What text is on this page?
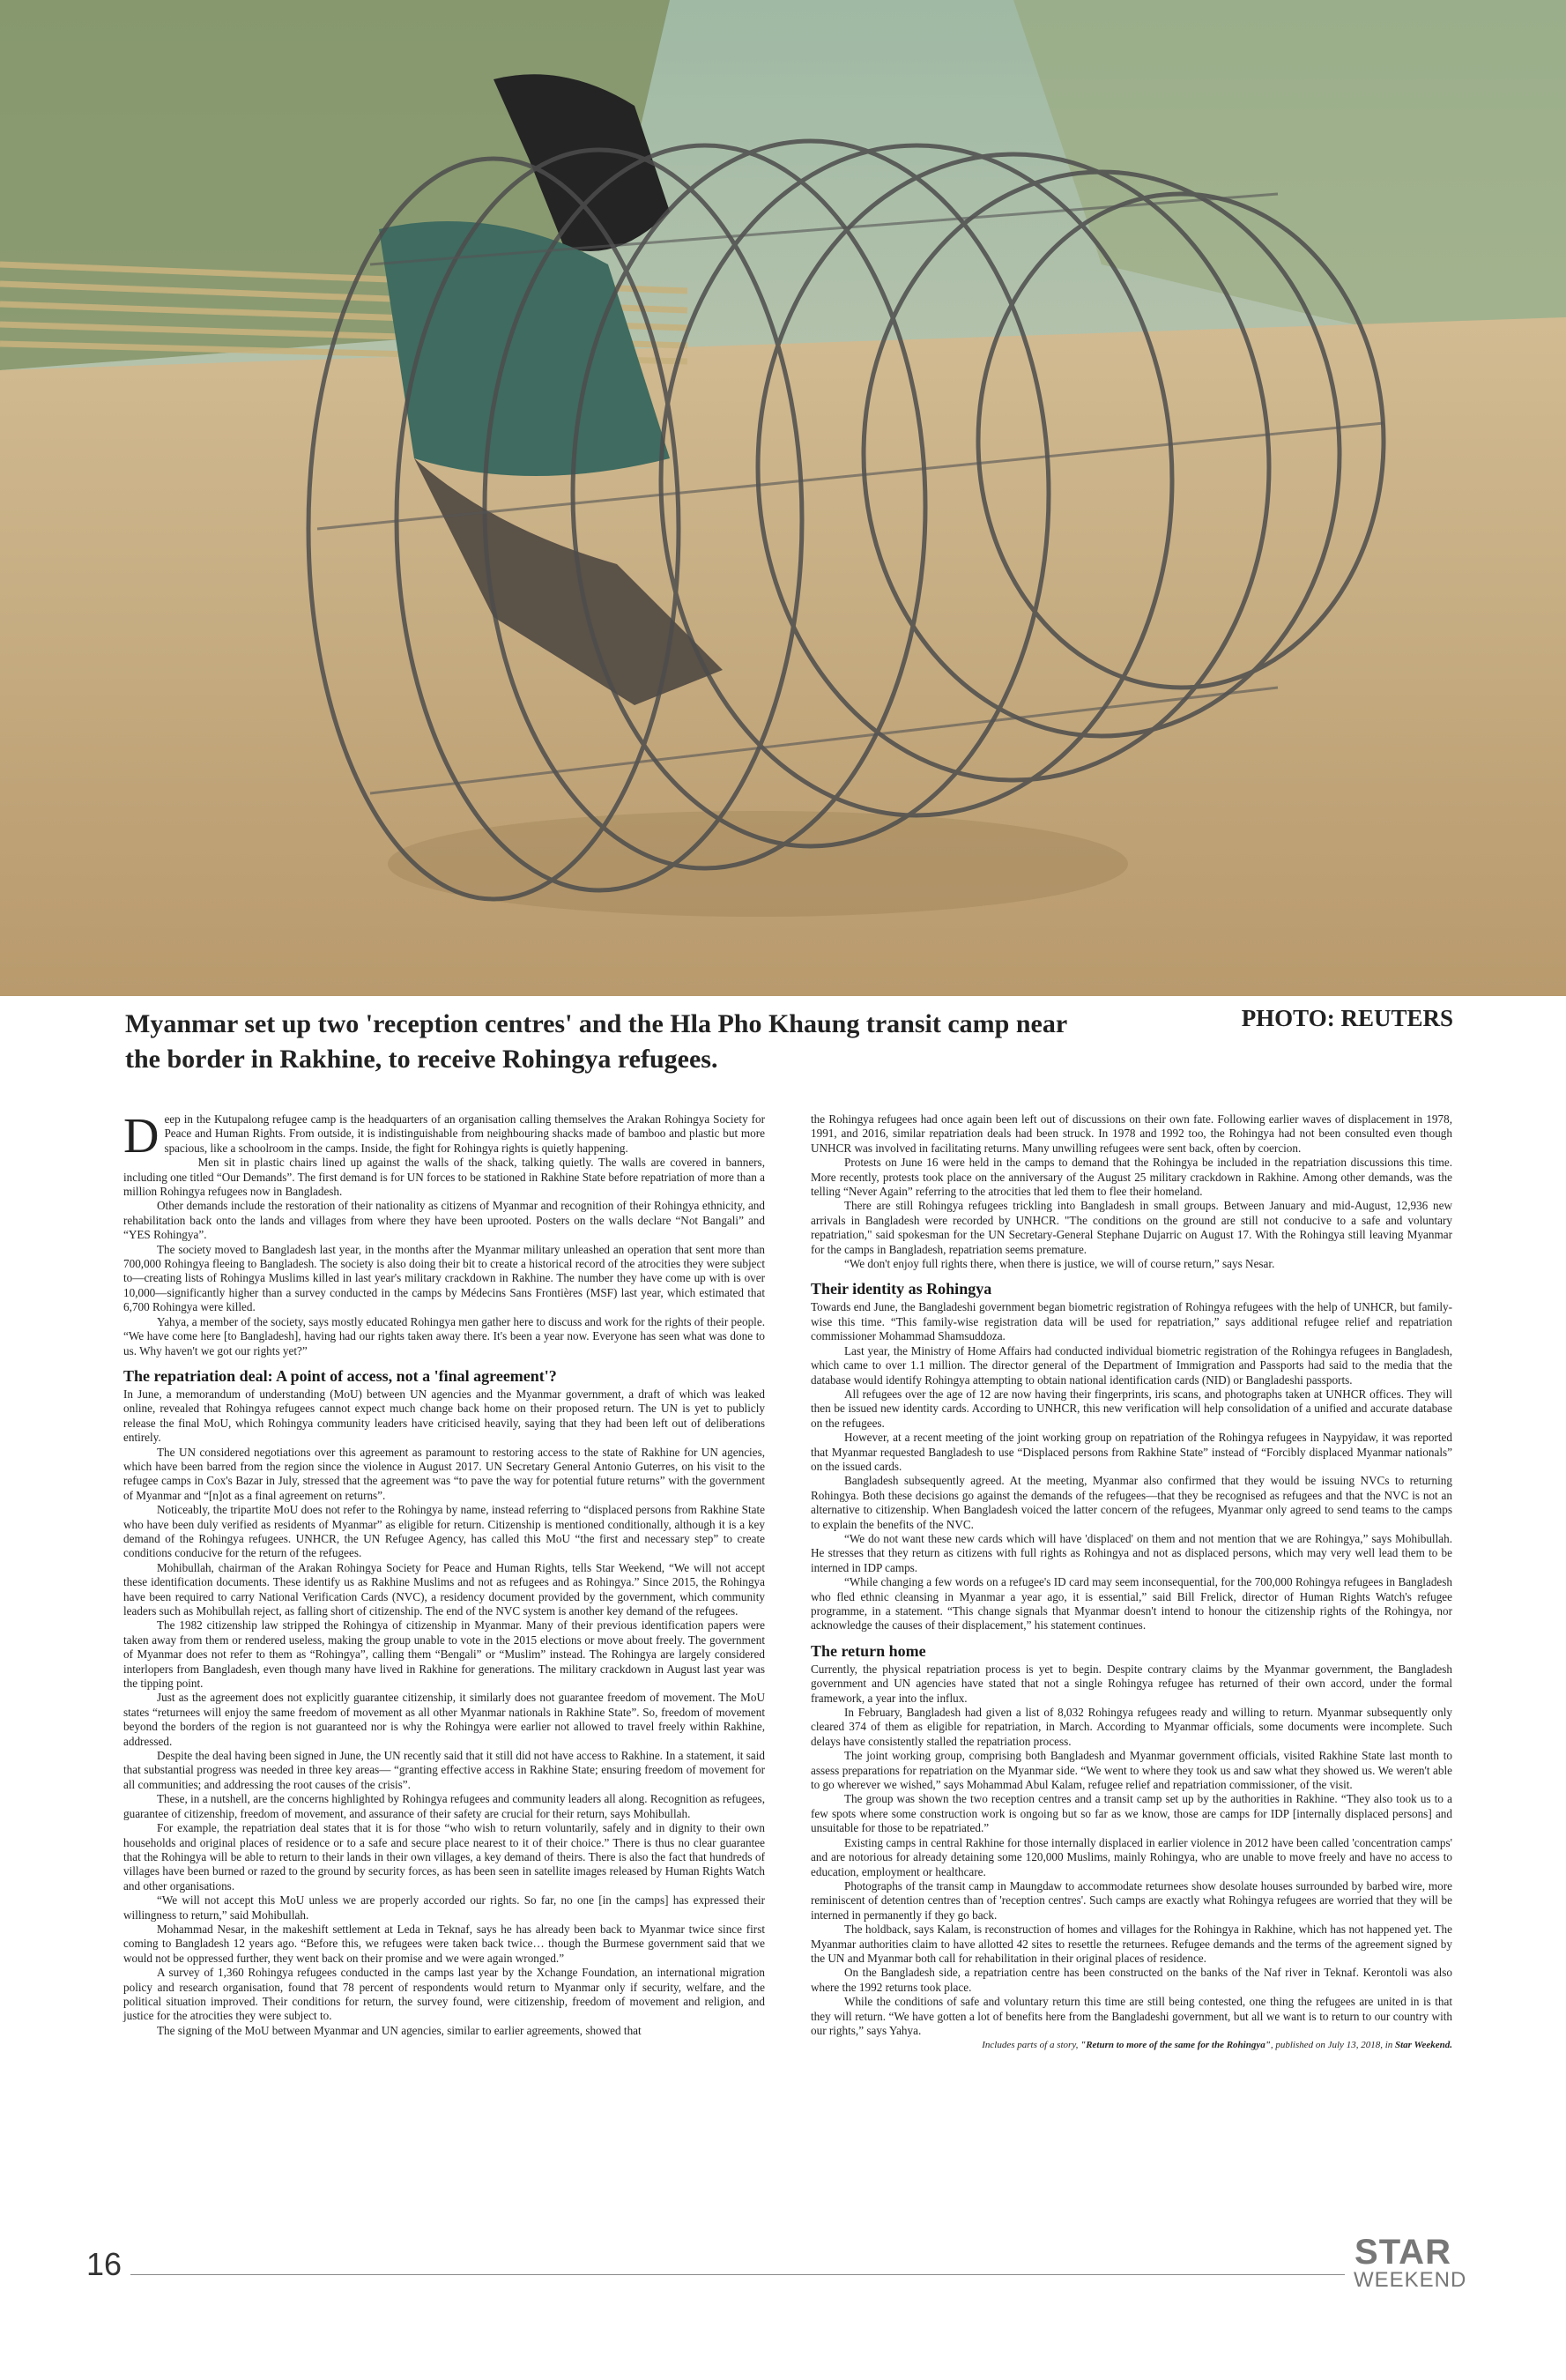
Myanmar set up two 'reception centres' and the Hla Pho Khaung transit camp near the border in Rakhine, to receive Rohingya refugees.
PHOTO: REUTERS
D eep in the Kutupalong refugee camp is the headquarters of an organisation calling themselves the Arakan Rohingya Society for Peace and Human Rights. From outside, it is indistinguishable from neighbouring shacks made of bamboo and plastic but more spacious, like a schoolroom in the camps. Inside, the fight for Rohingya rights is quietly happening.

Men sit in plastic chairs lined up against the walls of the shack, talking quietly. The walls are covered in banners, including one titled “Our Demands”. The first demand is for UN forces to be stationed in Rakhine State before repatriation of more than a million Rohingya refugees now in Bangladesh.

Other demands include the restoration of their nationality as citizens of Myanmar and recognition of their Rohingya ethnicity, and rehabilitation back onto the lands and villages from where they have been uprooted. Posters on the walls declare “Not Bangali” and “YES Rohingya”.

The society moved to Bangladesh last year, in the months after the Myanmar military unleashed an operation that sent more than 700,000 Rohingya fleeing to Bangladesh. The society is also doing their bit to create a historical record of the atrocities they were subject to—creating lists of Rohingya Muslims killed in last year's military crackdown in Rakhine. The number they have come up with is over 10,000—significantly higher than a survey conducted in the camps by Médecins Sans Frontières (MSF) last year, which estimated that 6,700 Rohingya were killed.

Yahya, a member of the society, says mostly educated Rohingya men gather here to discuss and work for the rights of their people. “We have come here [to Bangladesh], having had our rights taken away there. It's been a year now. Everyone has seen what was done to us. Why haven't we got our rights yet?”

The repatriation deal: A point of access, not a 'final agreement'?

In June, a memorandum of understanding (MoU) between UN agencies and the Myanmar government, a draft of which was leaked online, revealed that Rohingya refugees cannot expect much change back home on their proposed return. The UN is yet to publicly release the final MoU, which Rohingya community leaders have criticised heavily, saying that they had been left out of deliberations entirely.

The UN considered negotiations over this agreement as paramount to restoring access to the state of Rakhine for UN agencies, which have been barred from the region since the violence in August 2017. UN Secretary General Antonio Guterres, on his visit to the refugee camps in Cox's Bazar in July, stressed that the agreement was “to pave the way for potential future returns” with the government of Myanmar and “[n]ot as a final agreement on returns”.

Noticeably, the tripartite MoU does not refer to the Rohingya by name, instead referring to “displaced persons from Rakhine State who have been duly verified as residents of Myanmar” as eligible for return. Citizenship is mentioned conditionally, although it is a key demand of the Rohingya refugees. UNHCR, the UN Refugee Agency, has called this MoU “the first and necessary step” to create conditions conducive for the return of the refugees.

Mohibullah, chairman of the Arakan Rohingya Society for Peace and Human Rights, tells Star Weekend, “We will not accept these identification documents. These identify us as Rakhine Muslims and not as refugees and as Rohingya.” Since 2015, the Rohingya have been required to carry National Verification Cards (NVC), a residency document provided by the government, which community leaders such as Mohibullah reject, as falling short of citizenship. The end of the NVC system is another key demand of the refugees.

The 1982 citizenship law stripped the Rohingya of citizenship in Myanmar. Many of their previous identification papers were taken away from them or rendered useless, making the group unable to vote in the 2015 elections or move about freely. The government of Myanmar does not refer to them as “Rohingya”, calling them “Bengali” or “Muslim” instead. The Rohingya are largely considered interlopers from Bangladesh, even though many have lived in Rakhine for generations. The military crackdown in August last year was the tipping point.

Just as the agreement does not explicitly guarantee citizenship, it similarly does not guarantee freedom of movement. The MoU states “returnees will enjoy the same freedom of movement as all other Myanmar nationals in Rakhine State”. So, freedom of movement beyond the borders of the region is not guaranteed nor is why the Rohingya were earlier not allowed to travel freely within Rakhine, addressed.

Despite the deal having been signed in June, the UN recently said that it still did not have access to Rakhine. In a statement, it said that substantial progress was needed in three key areas— “granting effective access in Rakhine State; ensuring freedom of movement for all communities; and addressing the root causes of the crisis”.

These, in a nutshell, are the concerns highlighted by Rohingya refugees and community leaders all along. Recognition as refugees, guarantee of citizenship, freedom of movement, and assurance of their safety are crucial for their return, says Mohibullah.

For example, the repatriation deal states that it is for those “who wish to return voluntarily, safely and in dignity to their own households and original places of residence or to a safe and secure place nearest to it of their choice.” There is thus no clear guarantee that the Rohingya will be able to return to their lands in their own villages, a key demand of theirs. There is also the fact that hundreds of villages have been burned or razed to the ground by security forces, as has been seen in satellite images released by Human Rights Watch and other organisations.

“We will not accept this MoU unless we are properly accorded our rights. So far, no one [in the camps] has expressed their willingness to return,” said Mohibullah.

Mohammad Nesar, in the makeshift settlement at Leda in Teknaf, says he has already been back to Myanmar twice since first coming to Bangladesh 12 years ago. “Before this, we refugees were taken back twice… though the Burmese government said that we would not be oppressed further, they went back on their promise and we were again wronged.”

A survey of 1,360 Rohingya refugees conducted in the camps last year by the Xchange Foundation, an international migration policy and research organisation, found that 78 percent of respondents would return to Myanmar only if security, welfare, and the political situation improved. Their conditions for return, the survey found, were citizenship, freedom of movement and religion, and justice for the atrocities they were subject to.

The signing of the MoU between Myanmar and UN agencies, similar to earlier agreements, showed that

the Rohingya refugees had once again been left out of discussions on their own fate. Following earlier waves of displacement in 1978, 1991, and 2016, similar repatriation deals had been struck. In 1978 and 1992 too, the Rohingya had not been consulted even though UNHCR was involved in facilitating returns. Many unwilling refugees were sent back, often by coercion.

Protests on June 16 were held in the camps to demand that the Rohingya be included in the repatriation discussions this time. More recently, protests took place on the anniversary of the August 25 military crackdown in Rakhine. Among other demands, was the telling “Never Again” referring to the atrocities that led them to flee their homeland.

There are still Rohingya refugees trickling into Bangladesh in small groups. Between January and mid-August, 12,936 new arrivals in Bangladesh were recorded by UNHCR. "The conditions on the ground are still not conducive to a safe and voluntary repatriation," said spokesman for the UN Secretary-General Stephane Dujarric on August 17. With the Rohingya still leaving Myanmar for the camps in Bangladesh, repatriation seems premature.

“We don't enjoy full rights there, when there is justice, we will of course return,” says Nesar.

Their identity as Rohingya

Towards end June, the Bangladeshi government began biometric registration of Rohingya refugees with the help of UNHCR, but family-wise this time. “This family-wise registration data will be used for repatriation,” says additional refugee relief and repatriation commissioner Mohammad Shamsuddoza.

Last year, the Ministry of Home Affairs had conducted individual biometric registration of the Rohingya refugees in Bangladesh, which came to over 1.1 million. The director general of the Department of Immigration and Passports had said to the media that the database would identify Rohingya attempting to obtain national identification cards (NID) or Bangladeshi passports.

All refugees over the age of 12 are now having their fingerprints, iris scans, and photographs taken at UNHCR offices. They will then be issued new identity cards. According to UNHCR, this new verification will help consolidation of a unified and accurate database on the refugees.

However, at a recent meeting of the joint working group on repatriation of the Rohingya refugees in Naypyidaw, it was reported that Myanmar requested Bangladesh to use “Displaced persons from Rakhine State” instead of “Forcibly displaced Myanmar nationals” on the issued cards.

Bangladesh subsequently agreed. At the meeting, Myanmar also confirmed that they would be issuing NVCs to returning Rohingya. Both these decisions go against the demands of the refugees—that they be recognised as refugees and that the NVC is not an alternative to citizenship. When Bangladesh voiced the latter concern of the refugees, Myanmar only agreed to send teams to the camps to explain the benefits of the NVC.

“We do not want these new cards which will have 'displaced' on them and not mention that we are Rohingya,” says Mohibullah. He stresses that they return as citizens with full rights as Rohingya and not as displaced persons, which may very well lead them to be interned in IDP camps.

“While changing a few words on a refugee's ID card may seem inconsequential, for the 700,000 Rohingya refugees in Bangladesh who fled ethnic cleansing in Myanmar a year ago, it is essential,” said Bill Frelick, director of Human Rights Watch's refugee programme, in a statement. “This change signals that Myanmar doesn't intend to honour the citizenship rights of the Rohingya, nor acknowledge the causes of their displacement,” his statement continues.

The return home

Currently, the physical repatriation process is yet to begin. Despite contrary claims by the Myanmar government, the Bangladesh government and UN agencies have stated that not a single Rohingya refugee has returned of their own accord, under the formal framework, a year into the influx.

In February, Bangladesh had given a list of 8,032 Rohingya refugees ready and willing to return. Myanmar subsequently only cleared 374 of them as eligible for repatriation, in March. According to Myanmar officials, some documents were incomplete. Such delays have consistently stalled the repatriation process.

The joint working group, comprising both Bangladesh and Myanmar government officials, visited Rakhine State last month to assess preparations for repatriation on the Myanmar side. “We went to where they took us and saw what they showed us. We weren't able to go wherever we wished,” says Mohammad Abul Kalam, refugee relief and repatriation commissioner, of the visit.

The group was shown the two reception centres and a transit camp set up by the authorities in Rakhine. “They also took us to a few spots where some construction work is ongoing but so far as we know, those are camps for IDP [internally displaced persons] and unsuitable for those to be repatriated.”

Existing camps in central Rakhine for those internally displaced in earlier violence in 2012 have been called 'concentration camps' and are notorious for already detaining some 120,000 Muslims, mainly Rohingya, who are unable to move freely and have no access to education, employment or healthcare.

Photographs of the transit camp in Maungdaw to accommodate returnees show desolate houses surrounded by barbed wire, more reminiscent of detention centres than of 'reception centres'. Such camps are exactly what Rohingya refugees are worried that they will be interned in permanently if they go back.

The holdback, says Kalam, is reconstruction of homes and villages for the Rohingya in Rakhine, which has not happened yet. The Myanmar authorities claim to have allotted 42 sites to resettle the returnees. Refugee demands and the terms of the agreement signed by the UN and Myanmar both call for rehabilitation in their original places of residence.

On the Bangladesh side, a repatriation centre has been constructed on the banks of the Naf river in Teknaf. Kerontoli was also where the 1992 returns took place.

While the conditions of safe and voluntary return this time are still being contested, one thing the refugees are united in is that they will return. “We have gotten a lot of benefits here from the Bangladeshi government, but all we want is to return to our country with our rights,” says Yahya.

Includes parts of a story, "Return to more of the same for the Rohingya", published on July 13, 2018, in Star Weekend.

16	STAR
WEEKEND
